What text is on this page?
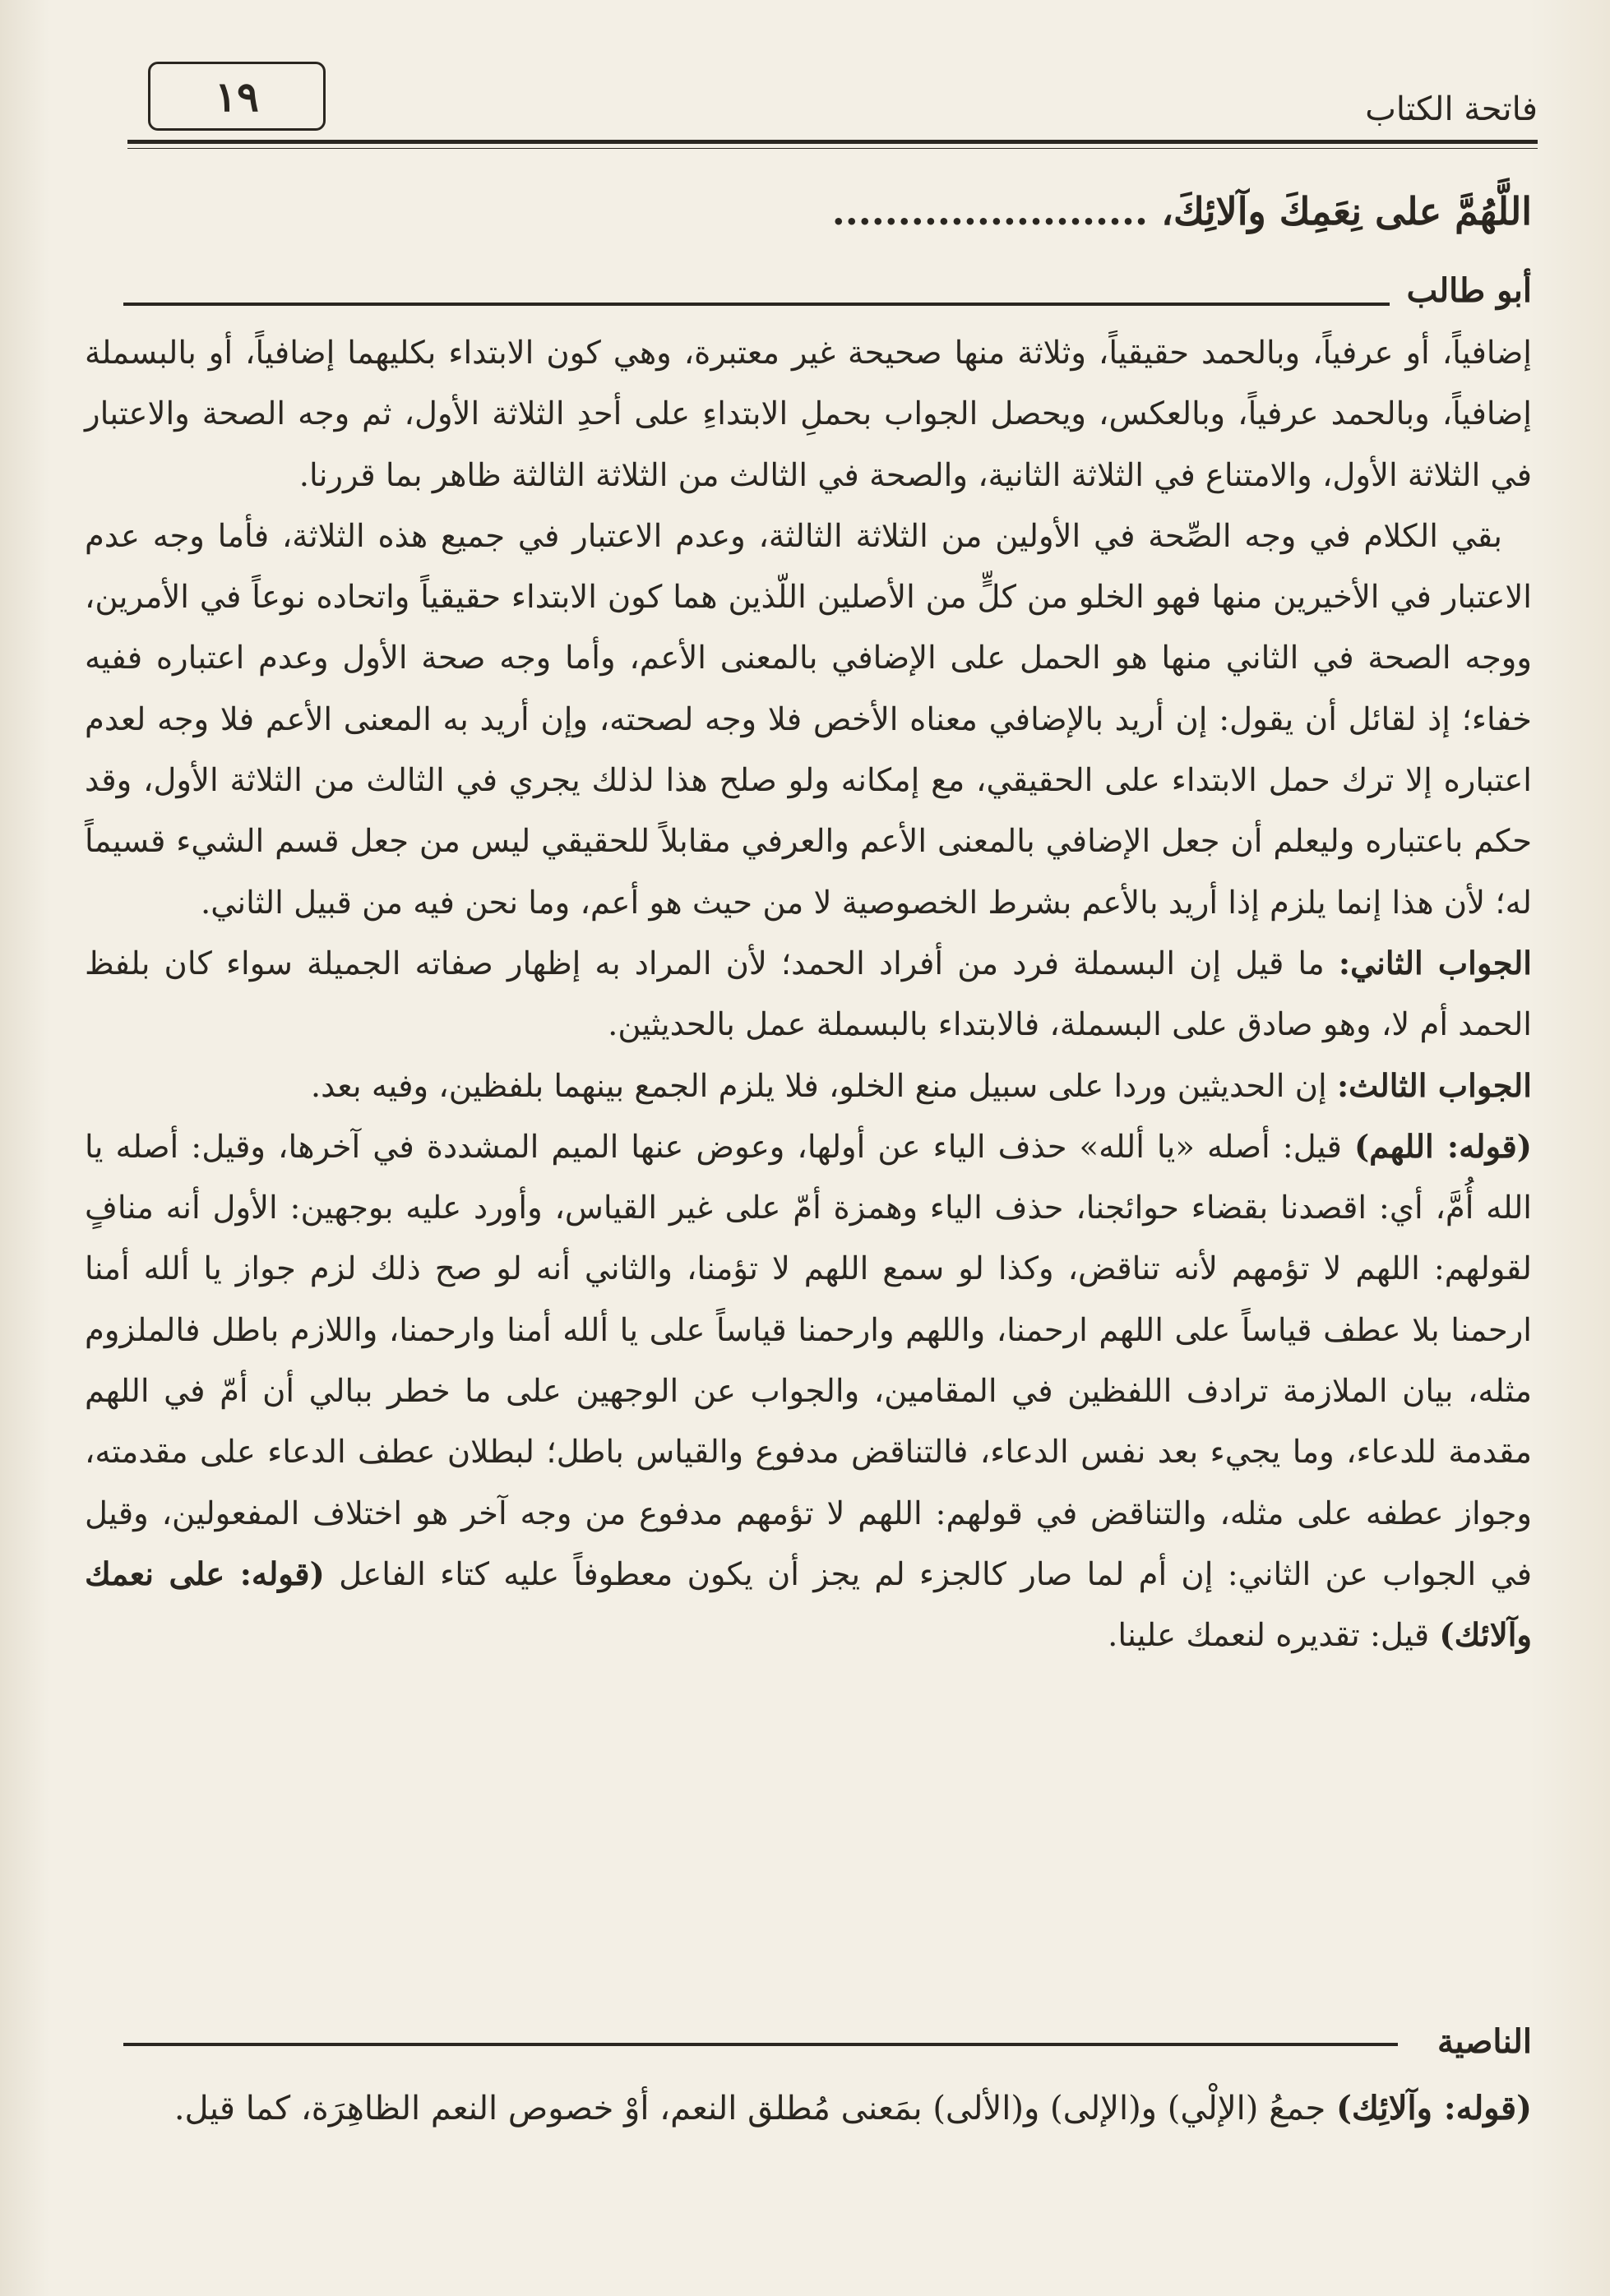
١٩	فاتحة الكتاب
اللَّهُمَّ على نِعَمِكَ وآلائِكَ، ........................
أبو طالب

إضافياً، أو عرفياً، وبالحمد حقيقياً، وثلاثة منها صحيحة غير معتبرة، وهي كون الابتداء بكليهما إضافياً، أو بالبسملة إضافياً، وبالحمد عرفياً، وبالعكس، ويحصل الجواب بحملِ الابتداءِ على أحدِ الثلاثة الأول، ثم وجه الصحة والاعتبار في الثلاثة الأول، والامتناع في الثلاثة الثانية، والصحة في الثالث من الثلاثة الثالثة ظاهر بما قررنا.

بقي الكلام في وجه الصِّحة في الأولين من الثلاثة الثالثة، وعدم الاعتبار في جميع هذه الثلاثة، فأما وجه عدم الاعتبار في الأخيرين منها فهو الخلو من كلٍّ من الأصلين اللّذين هما كون الابتداء حقيقياً واتحاده نوعاً في الأمرين، ووجه الصحة في الثاني منها هو الحمل على الإضافي بالمعنى الأعم، وأما وجه صحة الأول وعدم اعتباره ففيه خفاء؛ إذ لقائل أن يقول: إن أريد بالإضافي معناه الأخص فلا وجه لصحته، وإن أريد به المعنى الأعم فلا وجه لعدم اعتباره إلا ترك حمل الابتداء على الحقيقي، مع إمكانه ولو صلح هذا لذلك يجري في الثالث من الثلاثة الأول، وقد حكم باعتباره وليعلم أن جعل الإضافي بالمعنى الأعم والعرفي مقابلاً للحقيقي ليس من جعل قسم الشيء قسيماً له؛ لأن هذا إنما يلزم إذا أريد بالأعم بشرط الخصوصية لا من حيث هو أعم، وما نحن فيه من قبيل الثاني.

الجواب الثاني: ما قيل إن البسملة فرد من أفراد الحمد؛ لأن المراد به إظهار صفاته الجميلة سواء كان بلفظ الحمد أم لا، وهو صادق على البسملة، فالابتداء بالبسملة عمل بالحديثين.

الجواب الثالث: إن الحديثين وردا على سبيل منع الخلو، فلا يلزم الجمع بينهما بلفظين، وفيه بعد.

(قوله: اللهم) قيل: أصله «يا ألله» حذف الياء عن أولها، وعوض عنها الميم المشددة في آخرها، وقيل: أصله يا الله أُمَّ، أي: اقصدنا بقضاء حوائجنا، حذف الياء وهمزة أمّ على غير القياس، وأورد عليه بوجهين: الأول أنه منافٍ لقولهم: اللهم لا تؤمهم لأنه تناقض، وكذا لو سمع اللهم لا تؤمنا، والثاني أنه لو صح ذلك لزم جواز يا ألله أمنا ارحمنا بلا عطف قياساً على اللهم ارحمنا، واللهم وارحمنا قياساً على يا ألله أمنا وارحمنا، واللازم باطل فالملزوم مثله، بيان الملازمة ترادف اللفظين في المقامين، والجواب عن الوجهين على ما خطر ببالي أن أمّ في اللهم مقدمة للدعاء، وما يجيء بعد نفس الدعاء، فالتناقض مدفوع والقياس باطل؛ لبطلان عطف الدعاء على مقدمته، وجواز عطفه على مثله، والتناقض في قولهم: اللهم لا تؤمهم مدفوع من وجه آخر هو اختلاف المفعولين، وقيل في الجواب عن الثاني: إن أم لما صار كالجزء لم يجز أن يكون معطوفاً عليه كتاء الفاعل (قوله: على نعمك وآلائك) قيل: تقديره لنعمك علينا.

الناصية

(قوله: وآلائِك) جمعُ (الإلْي) و(الإلى) و(الألى) بمَعنى مُطلق النعم، أوْ خصوص النعم الظاهِرَة، كما قيل.
